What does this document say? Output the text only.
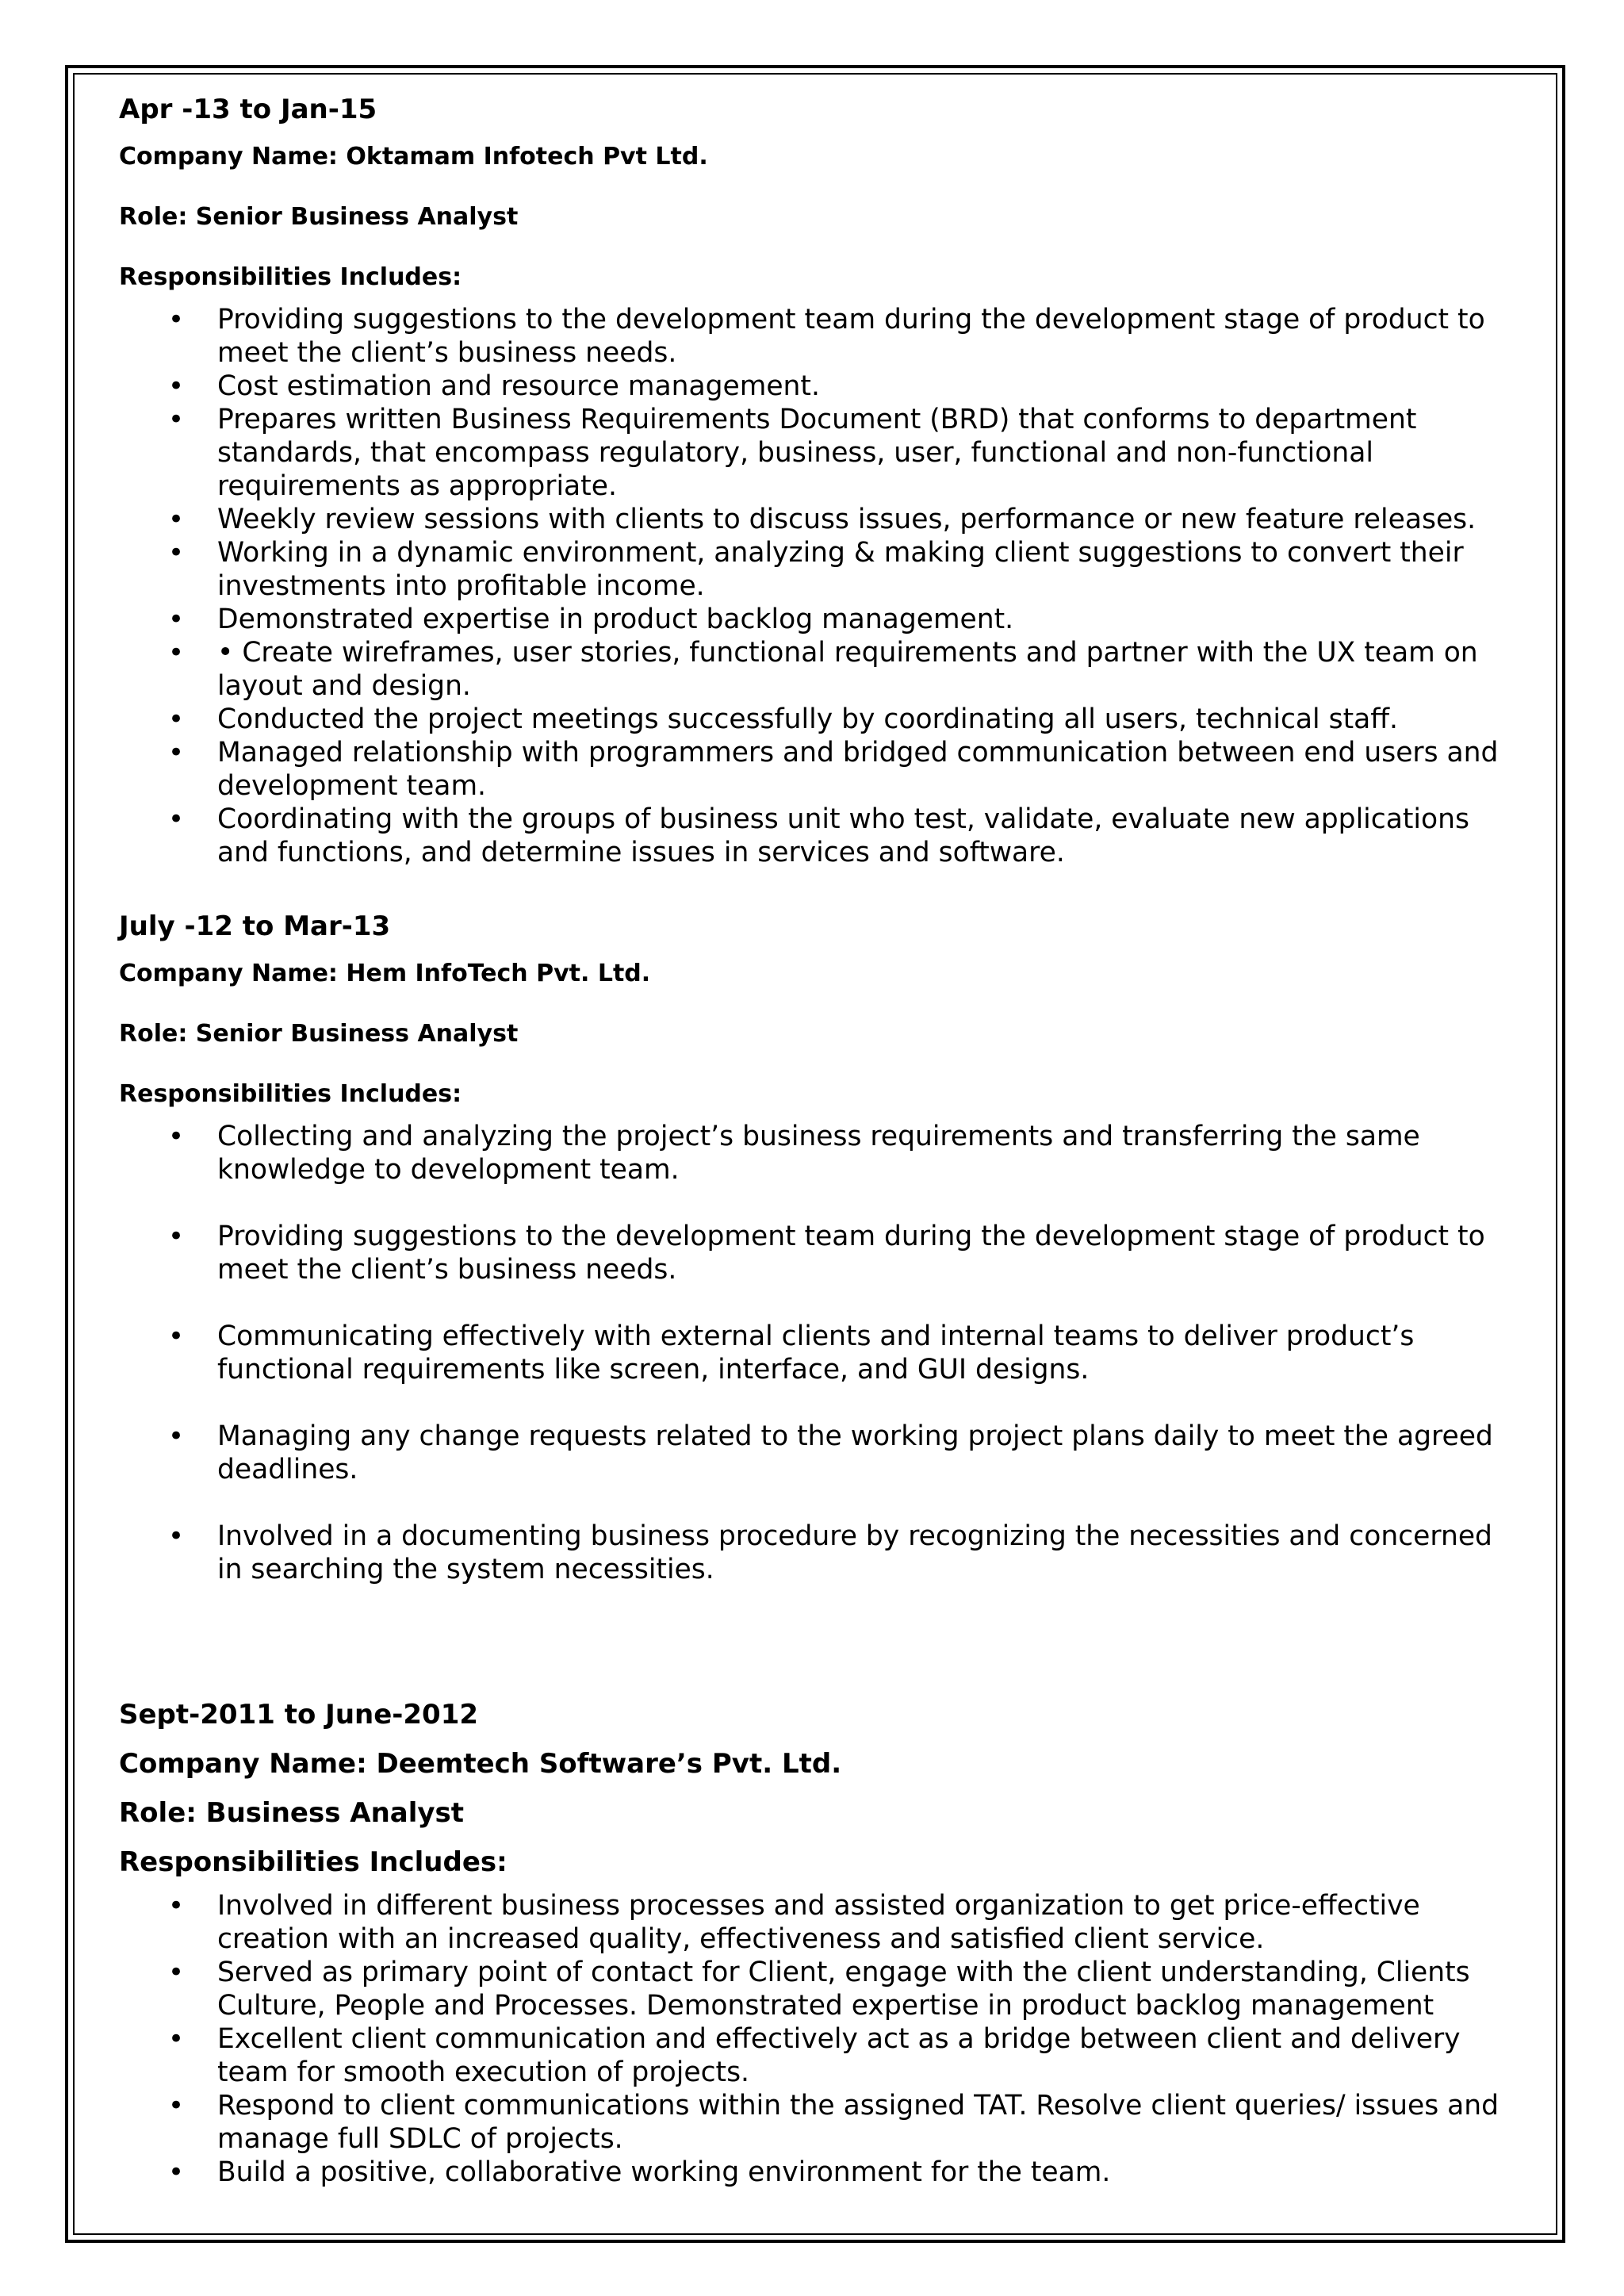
Apr -13 to Jan-15
Company Name: Oktamam Infotech Pvt Ltd.
Role: Senior Business Analyst
Responsibilities Includes:
• Providing suggestions to the development team during the development stage of product to meet the client’s business needs.
• Cost estimation and resource management.
• Prepares written Business Requirements Document (BRD) that conforms to department standards, that encompass regulatory, business, user, functional and non-functional requirements as appropriate.
• Weekly review sessions with clients to discuss issues, performance or new feature releases.
• Working in a dynamic environment, analyzing & making client suggestions to convert their investments into profitable income.
• Demonstrated expertise in product backlog management.
• • Create wireframes, user stories, functional requirements and partner with the UX team on layout and design.
• Conducted the project meetings successfully by coordinating all users, technical staff.
• Managed relationship with programmers and bridged communication between end users and development team.
• Coordinating with the groups of business unit who test, validate, evaluate new applications and functions, and determine issues in services and software.
July -12 to Mar-13
Company Name: Hem InfoTech Pvt. Ltd.
Role: Senior Business Analyst
Responsibilities Includes:
• Collecting and analyzing the project’s business requirements and transferring the same knowledge to development team.
• Providing suggestions to the development team during the development stage of product to meet the client’s business needs.
• Communicating effectively with external clients and internal teams to deliver product’s functional requirements like screen, interface, and GUI designs.
• Managing any change requests related to the working project plans daily to meet the agreed deadlines.
• Involved in a documenting business procedure by recognizing the necessities and concerned in searching the system necessities.
Sept-2011 to June-2012
Company Name: Deemtech Software’s Pvt. Ltd.
Role: Business Analyst
Responsibilities Includes:
• Involved in different business processes and assisted organization to get price-effective creation with an increased quality, effectiveness and satisfied client service.
• Served as primary point of contact for Client, engage with the client understanding, Clients Culture, People and Processes. Demonstrated expertise in product backlog management
• Excellent client communication and effectively act as a bridge between client and delivery team for smooth execution of projects.
• Respond to client communications within the assigned TAT. Resolve client queries/ issues and manage full SDLC of projects.
• Build a positive, collaborative working environment for the team.
